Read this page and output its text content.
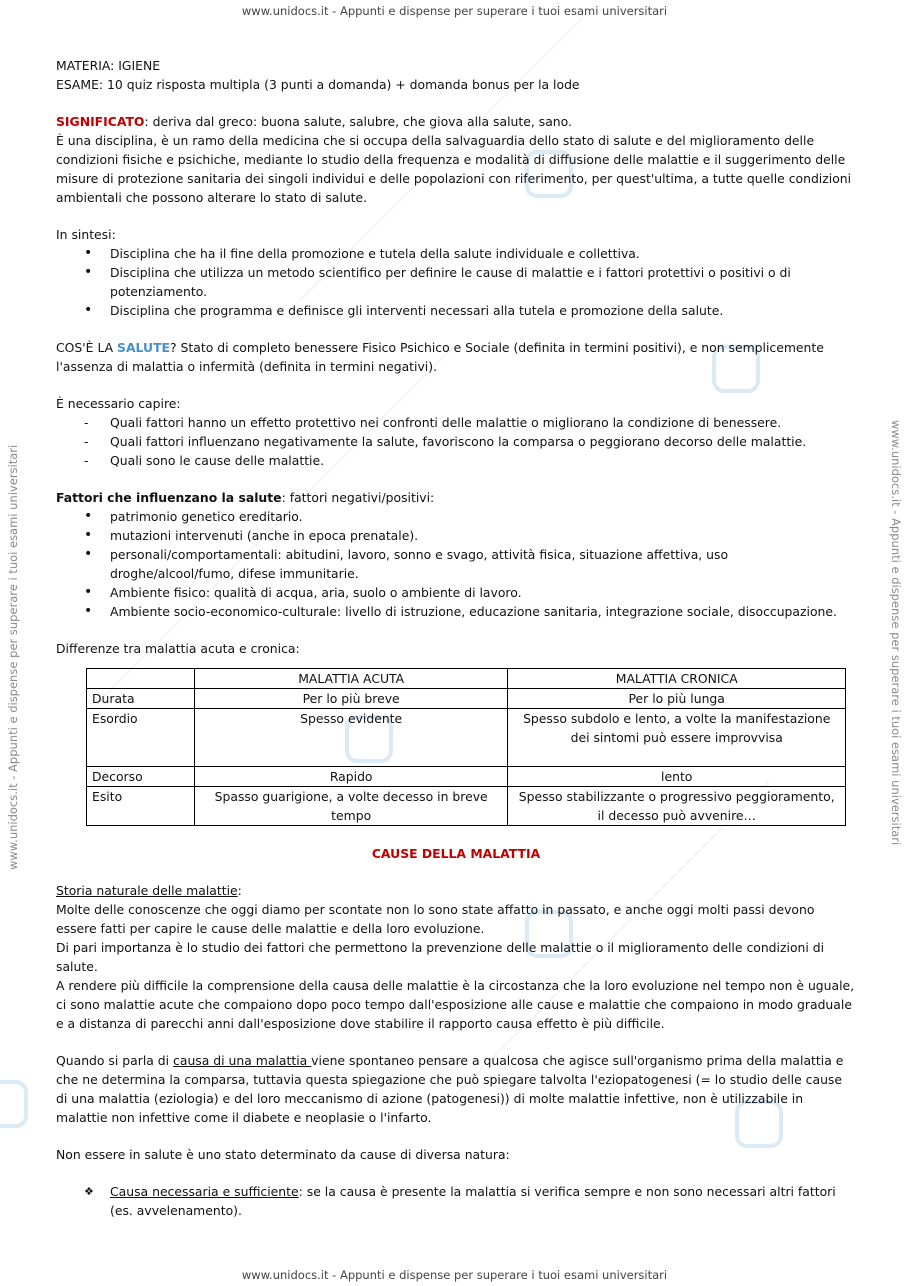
www.unidocs.it - Appunti e dispense per superare i tuoi esami universitari
www.unidocs.it - Appunti e dispense per superare i tuoi esami universitari
www.unidocs.it - Appunti e dispense per superare i tuoi esami universitari	www.unidocs.it - Appunti e dispense per superare i tuoi esami universitari

MATERIA: IGIENE

ESAME: 10 quiz risposta multipla (3 punti a domanda) + domanda bonus per la lode

SIGNIFICATO: deriva dal greco: buona salute, salubre, che giova alla salute, sano.

È una disciplina, è un ramo della medicina che si occupa della salvaguardia dello stato di salute e del miglioramento delle condizioni fisiche e psichiche, mediante lo studio della frequenza e modalità di diffusione delle malattie e il suggerimento delle misure di protezione sanitaria dei singoli individui e delle popolazioni con riferimento, per quest'ultima, a tutte quelle condizioni ambientali che possono alterare lo stato di salute.

In sintesi:

• Disciplina che ha il fine della promozione e tutela della salute individuale e collettiva.
• Disciplina che utilizza un metodo scientifico per definire le cause di malattie e i fattori protettivi o positivi o di potenziamento.
• Disciplina che programma e definisce gli interventi necessari alla tutela e promozione della salute.

COS'È LA SALUTE? Stato di completo benessere Fisico Psichico e Sociale (definita in termini positivi), e non semplicemente l'assenza di malattia o infermità (definita in termini negativi).

È necessario capire:

- Quali fattori hanno un effetto protettivo nei confronti delle malattie o migliorano la condizione di benessere.
- Quali fattori influenzano negativamente la salute, favoriscono la comparsa o peggiorano decorso delle malattie.
- Quali sono le cause delle malattie.

Fattori che influenzano la salute: fattori negativi/positivi:

• patrimonio genetico ereditario.
• mutazioni intervenuti (anche in epoca prenatale).
• personali/comportamentali: abitudini, lavoro, sonno e svago, attività fisica, situazione affettiva, uso droghe/alcool/fumo, difese immunitarie.
• Ambiente fisico: qualità di acqua, aria, suolo o ambiente di lavoro.
• Ambiente socio-economico-culturale: livello di istruzione, educazione sanitaria, integrazione sociale, disoccupazione.

Differenze tra malattia acuta e cronica:

	MALATTIA ACUTA	MALATTIA CRONICA
Durata	Per lo più breve	Per lo più lunga
Esordio	Spesso evidente	Spesso subdolo e lento, a volte la manifestazione dei sintomi può essere improvvisa
Decorso	Rapido	lento
Esito	Spasso guarigione, a volte decesso in breve tempo	Spesso stabilizzante o progressivo peggioramento, il decesso può avvenire…

CAUSE DELLA MALATTIA

Storia naturale delle malattie:

Molte delle conoscenze che oggi diamo per scontate non lo sono state affatto in passato, e anche oggi molti passi devono essere fatti per capire le cause delle malattie e della loro evoluzione.

Di pari importanza è lo studio dei fattori che permettono la prevenzione delle malattie o il miglioramento delle condizioni di salute.

A rendere più difficile la comprensione della causa delle malattie è la circostanza che la loro evoluzione nel tempo non è uguale, ci sono malattie acute che compaiono dopo poco tempo dall'esposizione alle cause e malattie che compaiono in modo graduale e a distanza di parecchi anni dall'esposizione dove stabilire il rapporto causa effetto è più difficile.

Quando si parla di causa di una malattia viene spontaneo pensare a qualcosa che agisce sull'organismo prima della malattia e che ne determina la comparsa, tuttavia questa spiegazione che può spiegare talvolta l'eziopatogenesi (= lo studio delle cause di una malattia (eziologia) e del loro meccanismo di azione (patogenesi)) di molte malattie infettive, non è utilizzabile in malattie non infettive come il diabete e neoplasie o l'infarto.

Non essere in salute è uno stato determinato da cause di diversa natura:

❖ Causa necessaria e sufficiente: se la causa è presente la malattia si verifica sempre e non sono necessari altri fattori (es. avvelenamento).
